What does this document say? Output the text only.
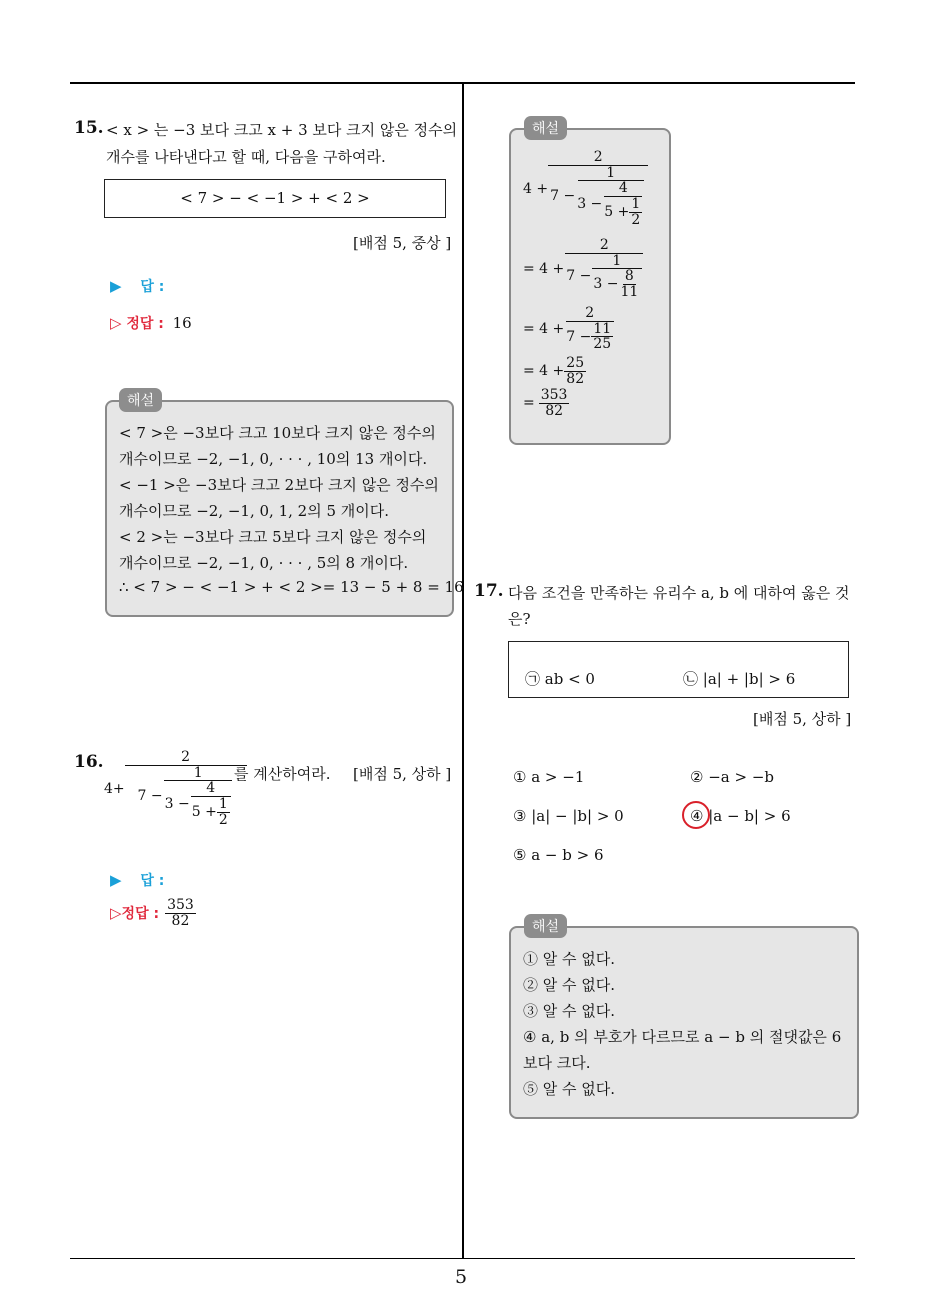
5
15. < x > 는 −3 보다 크고 x + 3 보다 크지 않은 정수의
개수를 나타낸다고 할 때, 다음을 구하여라.
< 7 > − < −1 > + < 2 >
[배점 5, 중상 ]
▶ 답 :
▷ 정답 : 16
< 7 >은 −3보다 크고 10보다 크지 않은 정수의
개수이므로 −2, −1, 0, · · · , 10의 13 개이다.
< −1 >은 −3보다 크고 2보다 크지 않은 정수의
개수이므로 −2, −1, 0, 1, 2의 5 개이다.
< 2 >는 −3보다 크고 5보다 크지 않은 정수의
개수이므로 −2, −1, 0, · · · , 5의 8 개이다.
∴ < 7 > − < −1 > + < 2 >= 13 − 5 + 8 = 16
해설
16.
4+
2
7 −
1
$3 - \frac{4}{5 + \frac{1}{2}}$
를 계산하여라. [배점 5, 상하 ]
▶ 답 :
▷ 정답 : $\frac{353}{82}$
4 +
2
7 −
1
$3 - \frac{4}{5 + \frac{1}{2}}$
= 4 +
2
$7 - \frac{1}{3 - \frac{8}{11}}$
= $4 + \frac{2}{7 - \frac{11}{25}}$
= $4 + \frac{25}{82}$
= $\frac{353}{82}$
해설
17. 다음 조건을 만족하는 유리수 a, b 에 대하여 옳은 것
은?
㉠ ab < 0	㉡ |a| + |b| > 6
[배점 5, 상하 ]
① a > −1	② −a > −b
③ |a| − |b| > 0	④ |a − b| > 6
⑤ a − b > 6
① 알 수 없다.
② 알 수 없다.
③ 알 수 없다.
④ a, b 의 부호가 다르므로 a − b 의 절댓값은 6
보다 크다.
⑤ 알 수 없다.
해설
